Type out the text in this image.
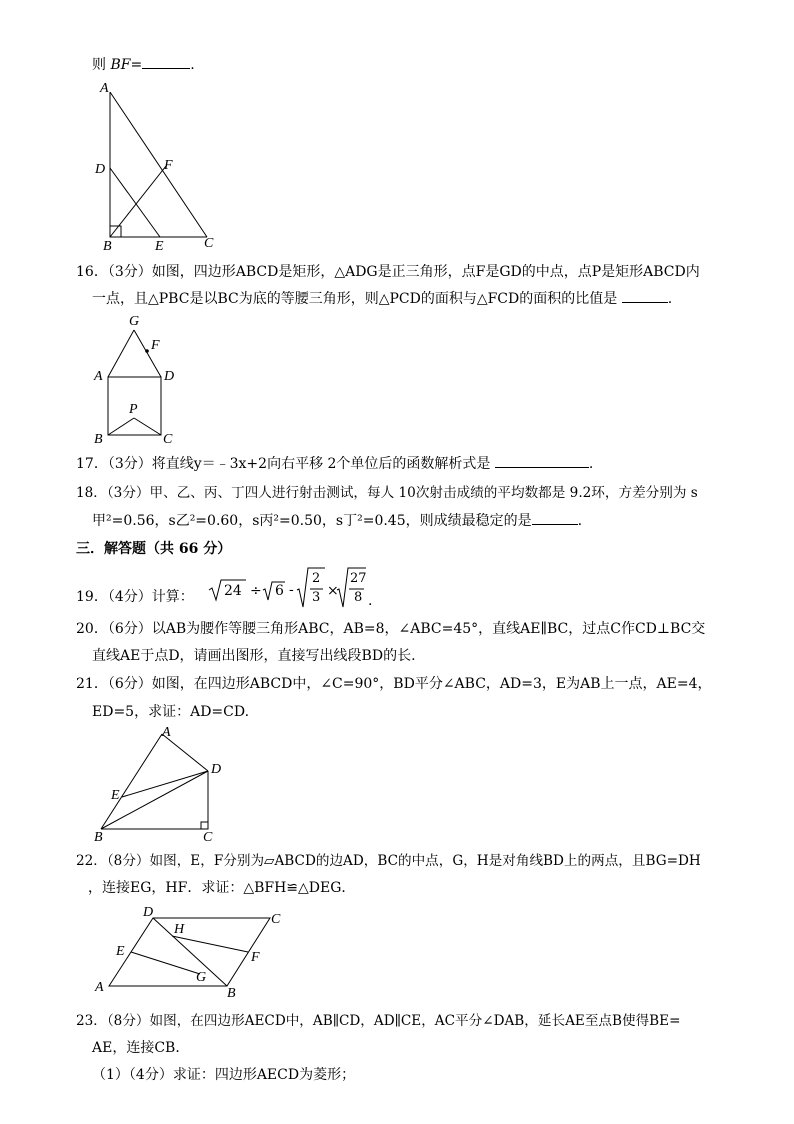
则 BF=	.
A
D	F
B	E	C
16．（3分）如图，四边形ABCD是矩形，△ADG是正三角形，点F是GD的中点，点P是矩形ABCD内
一点，且△PBC是以BC为底的等腰三角形，则△PCD的面积与△FCD的面积的比值是	.
G
F
A	D
P
B	C
17．（3分）将直线y＝﹣3x+2向右平移 2个单位后的函数解析式是	.
18．（3分）甲、乙、丙、丁四人进行射击测试，每人 10次射击成绩的平均数都是 9.2环，方差分别为 s
甲²=0.56，s乙²=0.60，s丙²=0.50，s丁²=0.45，则成绩最稳定的是	.
三．解答题（共 66 分）
19．（4分）计算： 24 ÷ 6 -
2
3 ×
27
8 .
20．（6分）以AB为腰作等腰三角形ABC，AB=8，∠ABC=45°，直线AE∥BC，过点C作CD⊥BC交
直线AE于点D，请画出图形，直接写出线段BD的长.
21．（6分）如图，在四边形ABCD中，∠C=90°，BD平分∠ABC，AD=3，E为AB上一点，AE=4，
ED=5，求证：AD=CD.
A
D
E
B	C
22．（8分）如图，E，F分别为▱ABCD的边AD，BC的中点，G，H是对角线BD上的两点，且BG=DH
，连接EG，HF．求证：△BFH≌△DEG．
D
H
C
E	F
G
A	B
23．（8分）如图，在四边形AECD中，AB∥CD，AD∥CE，AC平分∠DAB，延长AE至点B使得BE=
AE，连接CB．
（1）（4分）求证：四边形AECD为菱形；
